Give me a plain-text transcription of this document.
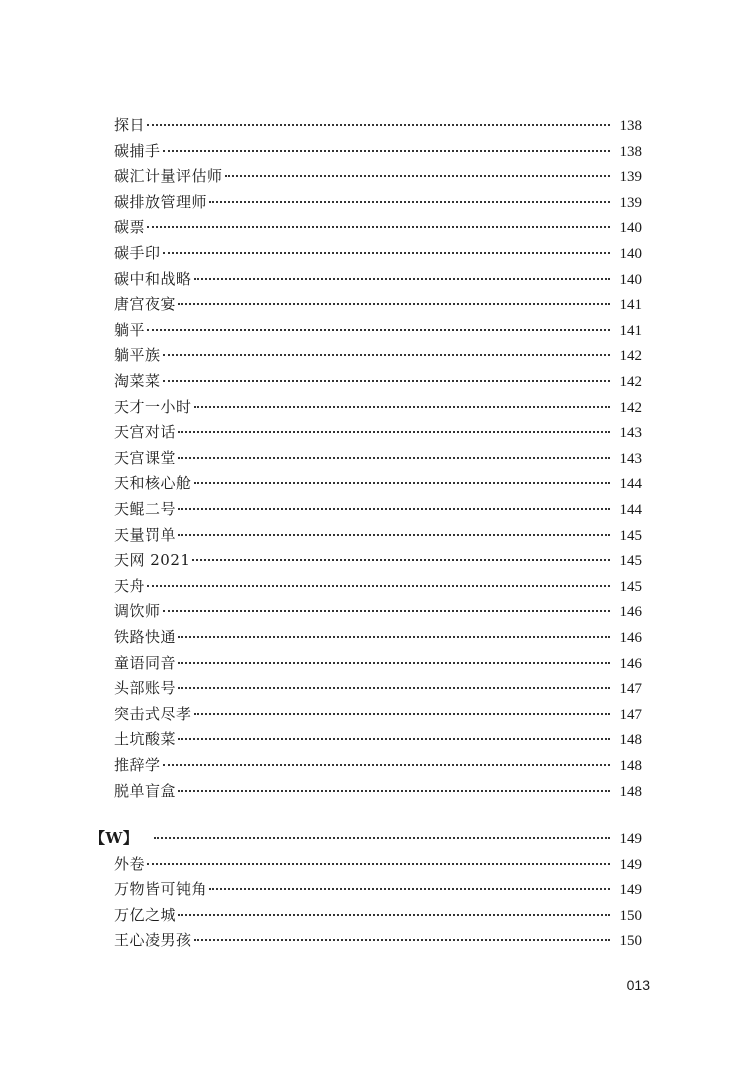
探日	138
碳捕手	138
碳汇计量评估师	139
碳排放管理师	139
碳票	140
碳手印	140
碳中和战略	140
唐宫夜宴	141
躺平	141
躺平族	142
淘菜菜	142
天才一小时	142
天宫对话	143
天宫课堂	143
天和核心舱	144
天鲲二号	144
天量罚单	145
天网 2021	145
天舟	145
调饮师	146
铁路快通	146
童语同音	146
头部账号	147
突击式尽孝	147
土坑酸菜	148
推辞学	148
脱单盲盒	148
【W】	149
外卷	149
万物皆可钝角	149
万亿之城	150
王心凌男孩	150
013
